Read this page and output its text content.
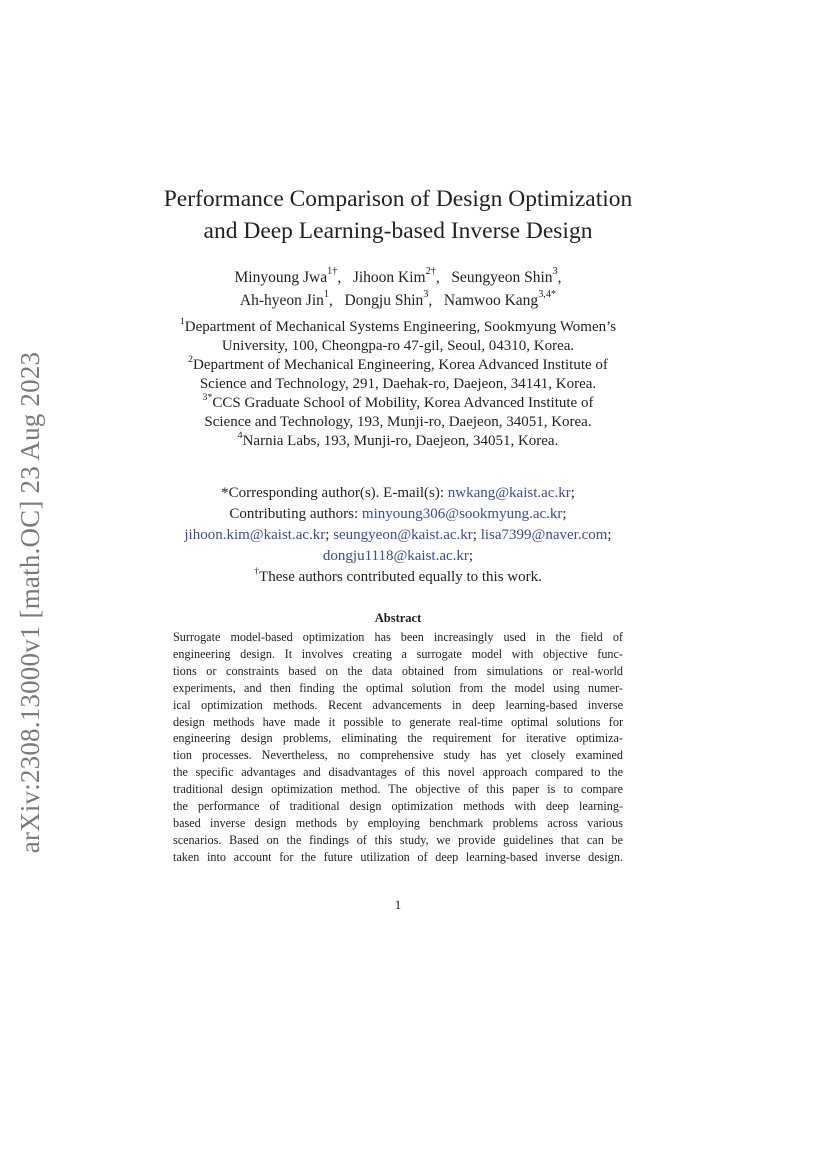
arXiv:2308.13000v1 [math.OC] 23 Aug 2023
Performance Comparison of Design Optimization
and Deep Learning-based Inverse Design
Minyoung Jwa$^{1\dagger}$,   Jihoon Kim$^{2\dagger}$,   Seungyeon Shin$^3$,
Ah-hyeon Jin$^1$,   Dongju Shin$^3$,   Namwoo Kang$^{3,4*}$
$^1$Department of Mechanical Systems Engineering, Sookmyung Women’s
University, 100, Cheongpa-ro 47-gil, Seoul, 04310, Korea.
$^2$Department of Mechanical Engineering, Korea Advanced Institute of
Science and Technology, 291, Daehak-ro, Daejeon, 34141, Korea.
$^{3*}$CCS Graduate School of Mobility, Korea Advanced Institute of
Science and Technology, 193, Munji-ro, Daejeon, 34051, Korea.
$^4$Narnia Labs, 193, Munji-ro, Daejeon, 34051, Korea.
*Corresponding author(s). E-mail(s): nwkang@kaist.ac.kr;
Contributing authors: minyoung306@sookmyung.ac.kr;
jihoon.kim@kaist.ac.kr; seungyeon@kaist.ac.kr; lisa7399@naver.com;
dongju1118@kaist.ac.kr;
†These authors contributed equally to this work.
Abstract
Surrogate model-based optimization has been increasingly used in the field of
engineering design. It involves creating a surrogate model with objective func-
tions or constraints based on the data obtained from simulations or real-world
experiments, and then finding the optimal solution from the model using numer-
ical optimization methods. Recent advancements in deep learning-based inverse
design methods have made it possible to generate real-time optimal solutions for
engineering design problems, eliminating the requirement for iterative optimiza-
tion processes. Nevertheless, no comprehensive study has yet closely examined
the specific advantages and disadvantages of this novel approach compared to the
traditional design optimization method. The objective of this paper is to compare
the performance of traditional design optimization methods with deep learning-
based inverse design methods by employing benchmark problems across various
scenarios. Based on the findings of this study, we provide guidelines that can be
taken into account for the future utilization of deep learning-based inverse design.
1
